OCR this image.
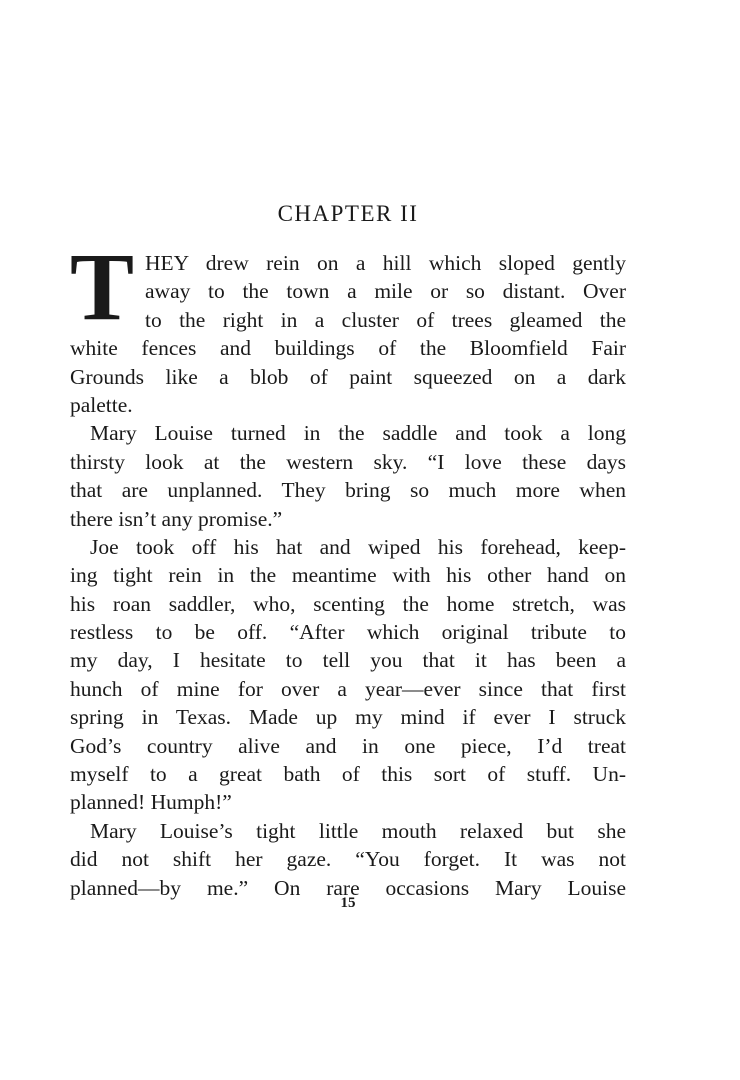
CHAPTER II
T HEY drew rein on a hill which sloped gently
away to the town a mile or so distant. Over
to the right in a cluster of trees gleamed the
white fences and buildings of the Bloomfield Fair
Grounds like a blob of paint squeezed on a dark
palette.
Mary Louise turned in the saddle and took a long
thirsty look at the western sky. “I love these days
that are unplanned. They bring so much more when
there isn’t any promise.”
Joe took off his hat and wiped his forehead, keep-
ing tight rein in the meantime with his other hand on
his roan saddler, who, scenting the home stretch, was
restless to be off. “After which original tribute to
my day, I hesitate to tell you that it has been a
hunch of mine for over a year—ever since that first
spring in Texas. Made up my mind if ever I struck
God’s country alive and in one piece, I’d treat
myself to a great bath of this sort of stuff. Un-
planned! Humph!”
Mary Louise’s tight little mouth relaxed but she
did not shift her gaze. “You forget. It was not
planned—by me.” On rare occasions Mary Louise
15
